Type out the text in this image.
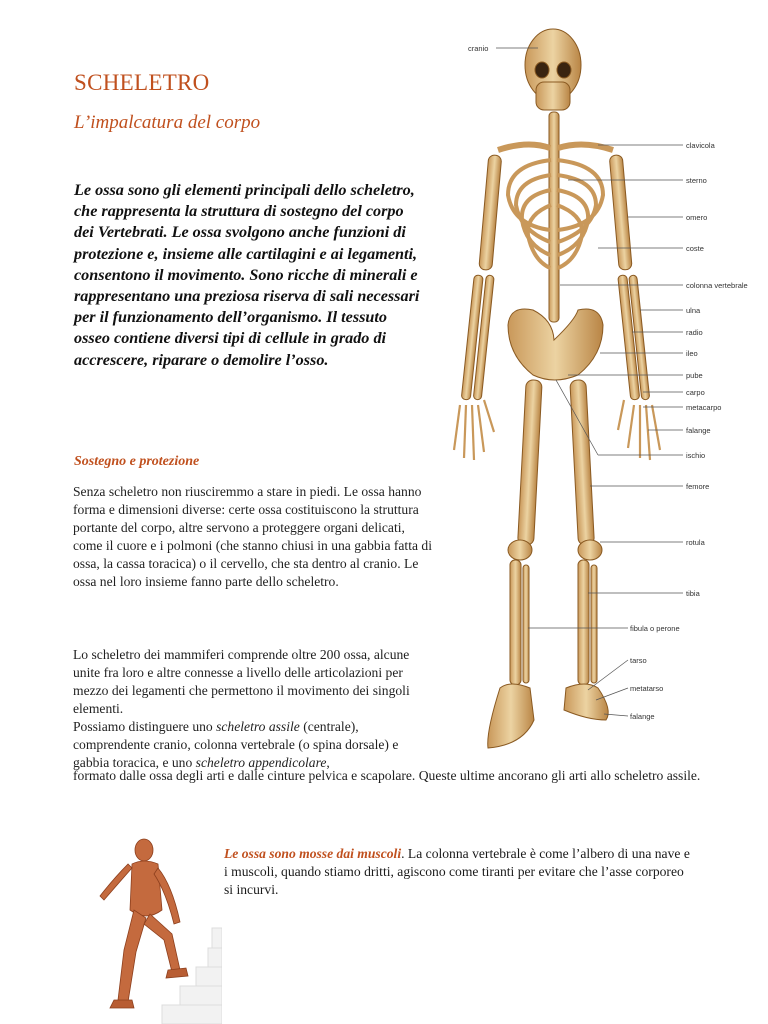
SCHELETRO
L’impalcatura del corpo
Le ossa sono gli elementi principali dello scheletro, che rappresenta la struttura di sostegno del corpo dei Vertebrati. Le ossa svolgono anche funzioni di protezione e, insieme alle cartilagini e ai legamenti, consentono il movimento. Sono ricche di minerali e rappresentano una preziosa riserva di sali necessari per il funzionamento dell’organismo. Il tessuto osseo contiene diversi tipi di cellule in grado di accrescere, riparare o demolire l’osso.
Sostegno e protezione
Senza scheletro non riusciremmo a stare in piedi. Le ossa hanno forma e dimensioni diverse: certe ossa costituiscono la struttura portante del corpo, altre servono a proteggere organi delicati, come il cuore e i polmoni (che stanno chiusi in una gabbia fatta di ossa, la cassa toracica) o il cervello, che sta dentro al cranio. Le ossa nel loro insieme fanno parte dello scheletro.
Lo scheletro dei mammiferi comprende oltre 200 ossa, alcune unite fra loro e altre connesse a livello delle articolazioni per mezzo dei legamenti che permettono il movimento dei singoli elementi.
Possiamo distinguere uno scheletro assile (centrale), comprendente cranio, colonna vertebrale (o spina dorsale) e gabbia toracica, e uno scheletro appendicolare,
formato dalle ossa degli arti e dalle cinture pelvica e scapolare. Queste ultime ancorano gli arti allo scheletro assile.
Le ossa sono mosse dai muscoli. La colonna vertebrale è come l’albero di una nave e i muscoli, quando stiamo dritti, agiscono come tiranti per evitare che l’asse corporeo si incurvi.
cranio
clavicola
sterno
omero
coste
colonna vertebrale
ulna
radio
ileo
pube
carpo
metacarpo
falange
ischio
femore
rotula
tibia
fibula o perone
tarso
metatarso
falange
